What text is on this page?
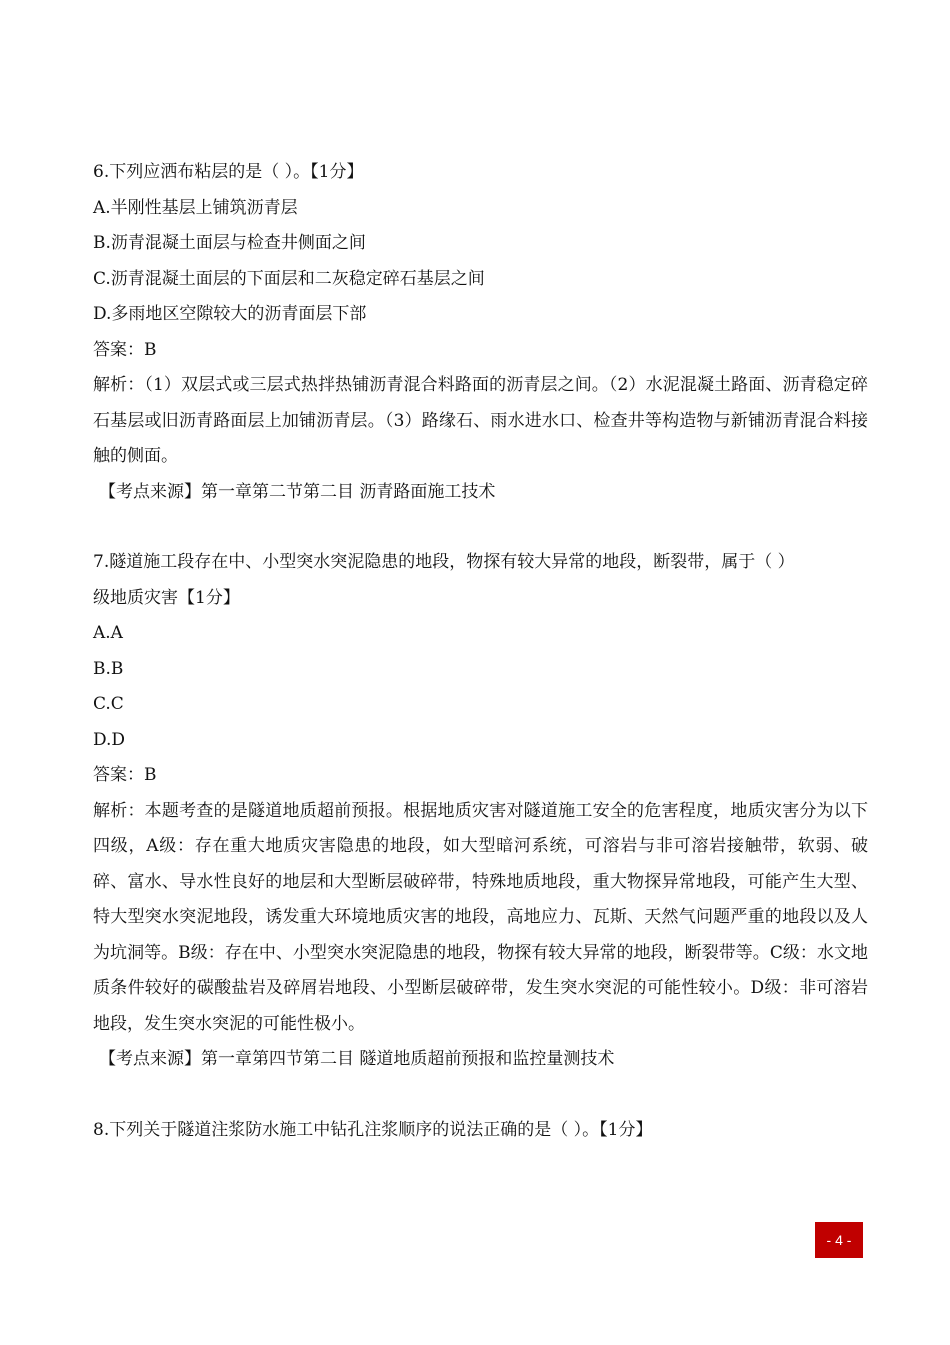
6.下列应洒布粘层的是（ ）。【1分】
A.半刚性基层上铺筑沥青层
B.沥青混凝土面层与检查井侧面之间
C.沥青混凝土面层的下面层和二灰稳定碎石基层之间
D.多雨地区空隙较大的沥青面层下部
答案：B
解析：（1）双层式或三层式热拌热铺沥青混合料路面的沥青层之间。（2）水泥混凝土路面、沥青稳定碎石基层或旧沥青路面层上加铺沥青层。（3）路缘石、雨水进水口、检查井等构造物与新铺沥青混合料接触的侧面。
【考点来源】第一章第二节第二目 沥青路面施工技术
7.隧道施工段存在中、小型突水突泥隐患的地段，物探有较大异常的地段，断裂带，属于（ ）
级地质灾害【1分】
A.A
B.B
C.C
D.D
答案：B
解析：本题考查的是隧道地质超前预报。根据地质灾害对隧道施工安全的危害程度，地质灾害分为以下四级，A级：存在重大地质灾害隐患的地段，如大型暗河系统，可溶岩与非可溶岩接触带，软弱、破碎、富水、导水性良好的地层和大型断层破碎带，特殊地质地段，重大物探异常地段，可能产生大型、特大型突水突泥地段，诱发重大环境地质灾害的地段，高地应力、瓦斯、天然气问题严重的地段以及人为坑洞等。B级：存在中、小型突水突泥隐患的地段，物探有较大异常的地段，断裂带等。C级：水文地质条件较好的碳酸盐岩及碎屑岩地段、小型断层破碎带，发生突水突泥的可能性较小。D级：非可溶岩地段，发生突水突泥的可能性极小。
【考点来源】第一章第四节第二目 隧道地质超前预报和监控量测技术
8.下列关于隧道注浆防水施工中钻孔注浆顺序的说法正确的是（ ）。【1分】
- 4 -
